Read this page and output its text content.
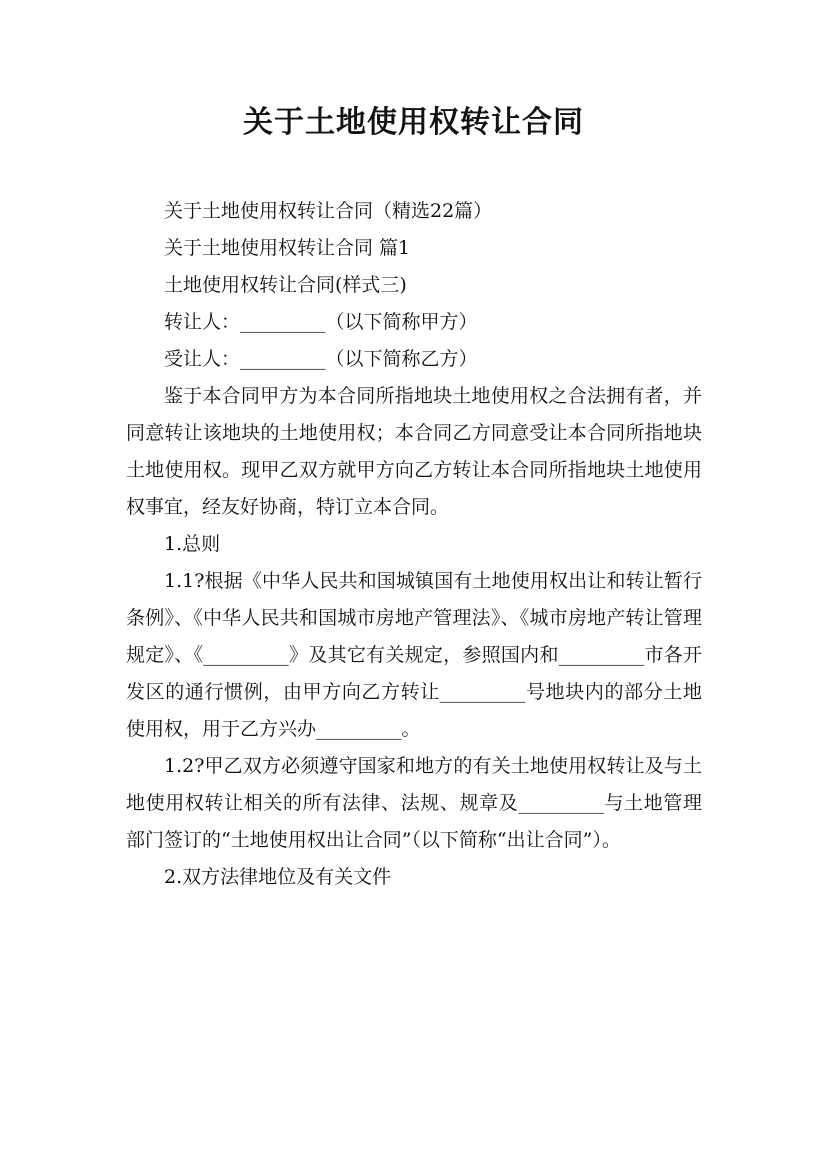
关于土地使用权转让合同

关于土地使用权转让合同（精选22篇）

关于土地使用权转让合同 篇1

土地使用权转让合同(样式三)

转让人：_________（以下简称甲方）

受让人：_________（以下简称乙方）

鉴于本合同甲方为本合同所指地块土地使用权之合法拥有者，并同意转让该地块的土地使用权；本合同乙方同意受让本合同所指地块土地使用权。现甲乙双方就甲方向乙方转让本合同所指地块土地使用权事宜，经友好协商，特订立本合同。

1.总则

1.1?根据《中华人民共和国城镇国有土地使用权出让和转让暂行条例》、《中华人民共和国城市房地产管理法》、《城市房地产转让管理规定》、《_________》及其它有关规定，参照国内和_________市各开发区的通行惯例，由甲方向乙方转让_________号地块内的部分土地使用权，用于乙方兴办_________。

1.2?甲乙双方必须遵守国家和地方的有关土地使用权转让及与土地使用权转让相关的所有法律、法规、规章及_________与土地管理部门签订的“土地使用权出让合同”（以下简称“出让合同”）。

2.双方法律地位及有关文件
